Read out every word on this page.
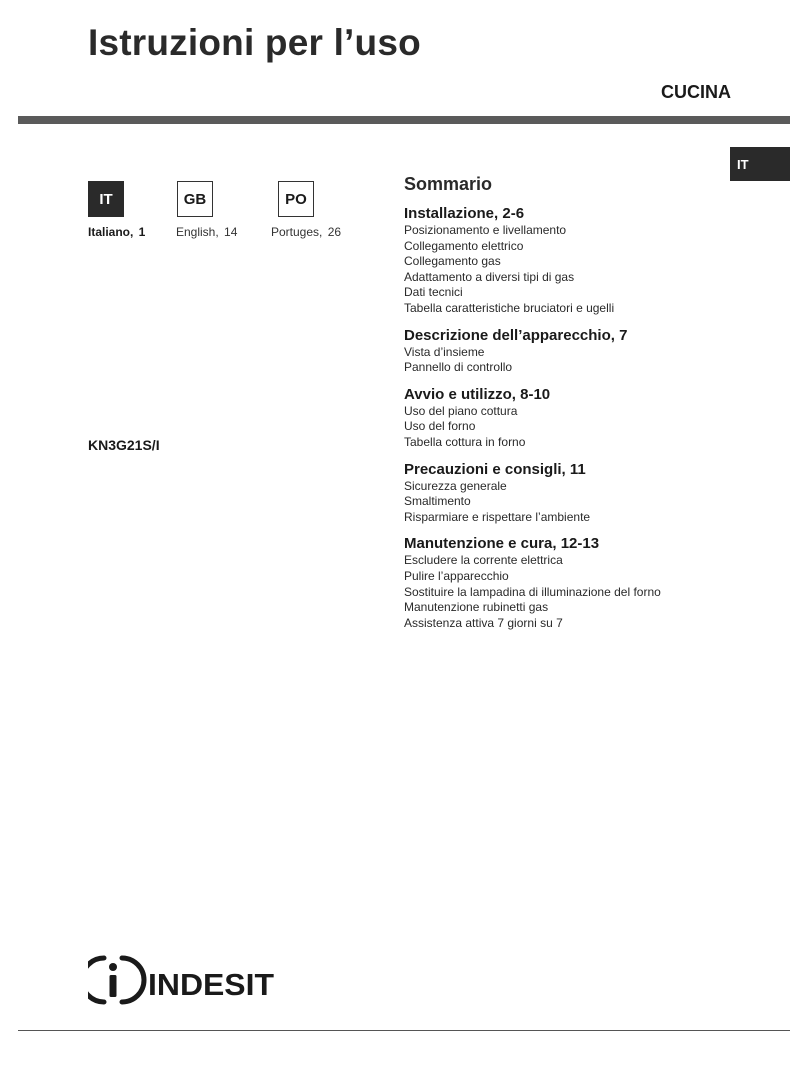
Istruzioni per l’uso
CUCINA
IT
IT
Italiano, 1
GB
English, 14
PO
Portuges, 26
KN3G21S/I
Sommario
Installazione, 2-6
Posizionamento e livellamento
Collegamento elettrico
Collegamento gas
Adattamento a diversi tipi di gas
Dati tecnici
Tabella caratteristiche bruciatori e ugelli
Descrizione dell’apparecchio, 7
Vista d’insieme
Pannello di controllo
Avvio e utilizzo, 8-10
Uso del piano cottura
Uso del forno
Tabella cottura in forno
Precauzioni e consigli, 11
Sicurezza generale
Smaltimento
Risparmiare e rispettare l’ambiente
Manutenzione e cura, 12-13
Escludere la corrente elettrica
Pulire l’apparecchio
Sostituire la lampadina di illuminazione del forno
Manutenzione rubinetti gas
Assistenza attiva 7 giorni su 7
INDESIT
